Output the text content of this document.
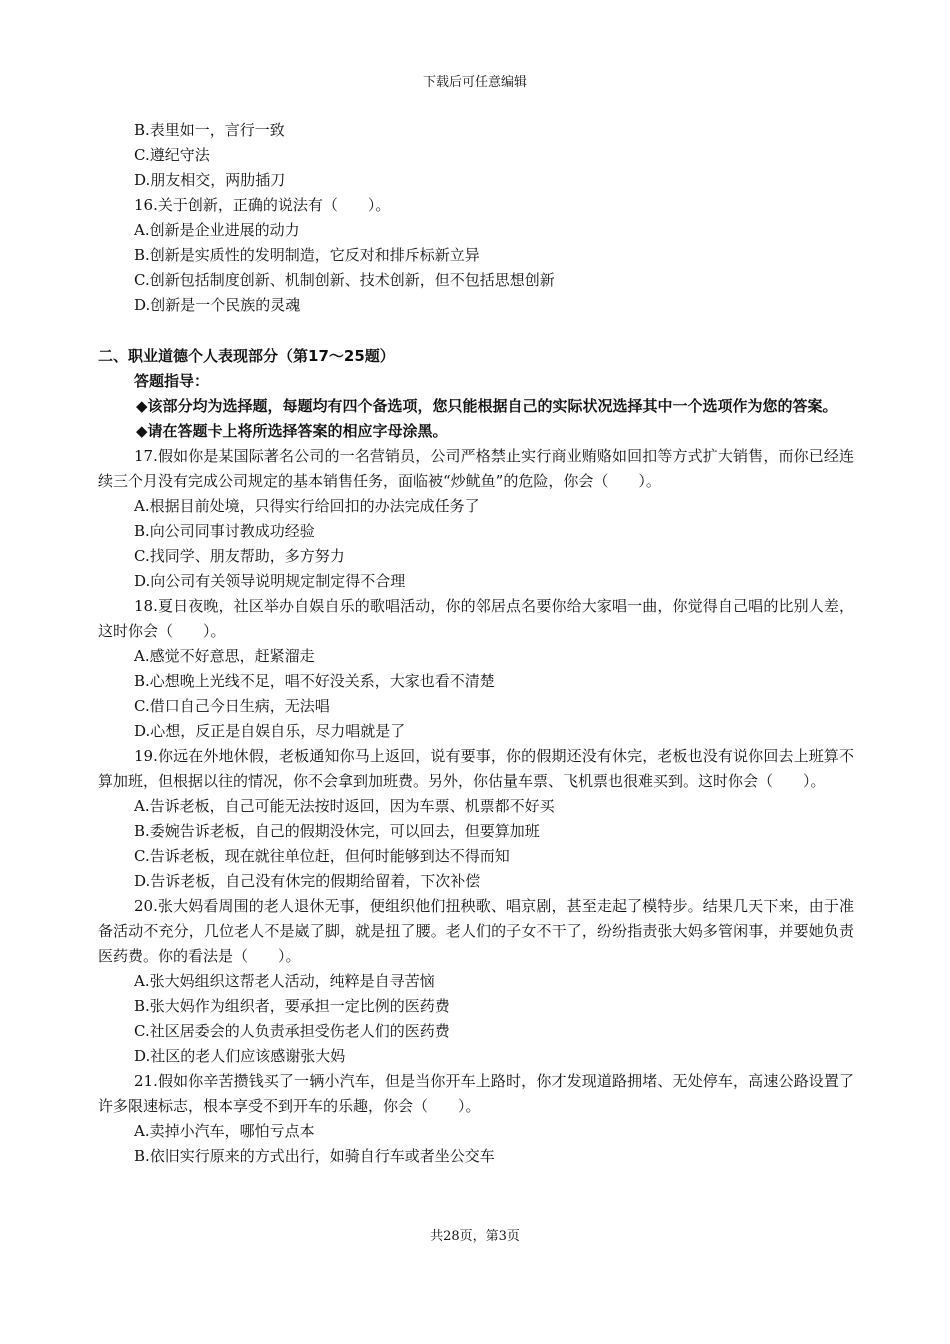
下载后可任意编辑
B.表里如一，言行一致
C.遵纪守法
D.朋友相交，两肋插刀
16.关于创新，正确的说法有（　　）。
A.创新是企业进展的动力
B.创新是实质性的发明制造，它反对和排斥标新立异
C.创新包括制度创新、机制创新、技术创新，但不包括思想创新
D.创新是一个民族的灵魂
二、职业道德个人表现部分（第17～25题）
答题指导：
◆该部分均为选择题，每题均有四个备选项，您只能根据自己的实际状况选择其中一个选项作为您的答案。
◆请在答题卡上将所选择答案的相应字母涂黑。
17.假如你是某国际著名公司的一名营销员，公司严格禁止实行商业贿赂如回扣等方式扩大销售，而你已经连续三个月没有完成公司规定的基本销售任务，面临被“炒鱿鱼”的危险，你会（　　）。
A.根据目前处境，只得实行给回扣的办法完成任务了
B.向公司同事讨教成功经验
C.找同学、朋友帮助，多方努力
D.向公司有关领导说明规定制定得不合理
18.夏日夜晚，社区举办自娱自乐的歌唱活动，你的邻居点名要你给大家唱一曲，你觉得自己唱的比别人差，这时你会（　　）。
A.感觉不好意思，赶紧溜走
B.心想晚上光线不足，唱不好没关系，大家也看不清楚
C.借口自己今日生病，无法唱
D.心想，反正是自娱自乐，尽力唱就是了
19.你远在外地休假，老板通知你马上返回，说有要事，你的假期还没有休完，老板也没有说你回去上班算不算加班，但根据以往的情况，你不会拿到加班费。另外，你估量车票、飞机票也很难买到。这时你会（　　）。
A.告诉老板，自己可能无法按时返回，因为车票、机票都不好买
B.委婉告诉老板，自己的假期没休完，可以回去，但要算加班
C.告诉老板，现在就往单位赶，但何时能够到达不得而知
D.告诉老板，自己没有休完的假期给留着，下次补偿
20.张大妈看周围的老人退休无事，便组织他们扭秧歌、唱京剧，甚至走起了模特步。结果几天下来，由于准备活动不充分，几位老人不是崴了脚，就是扭了腰。老人们的子女不干了，纷纷指责张大妈多管闲事，并要她负责医药费。你的看法是（　　）。
A.张大妈组织这帮老人活动，纯粹是自寻苦恼
B.张大妈作为组织者，要承担一定比例的医药费
C.社区居委会的人负责承担受伤老人们的医药费
D.社区的老人们应该感谢张大妈
21.假如你辛苦攒钱买了一辆小汽车，但是当你开车上路时，你才发现道路拥堵、无处停车，高速公路设置了许多限速标志，根本享受不到开车的乐趣，你会（　　）。
A.卖掉小汽车，哪怕亏点本
B.依旧实行原来的方式出行，如骑自行车或者坐公交车
共28页，第3页
